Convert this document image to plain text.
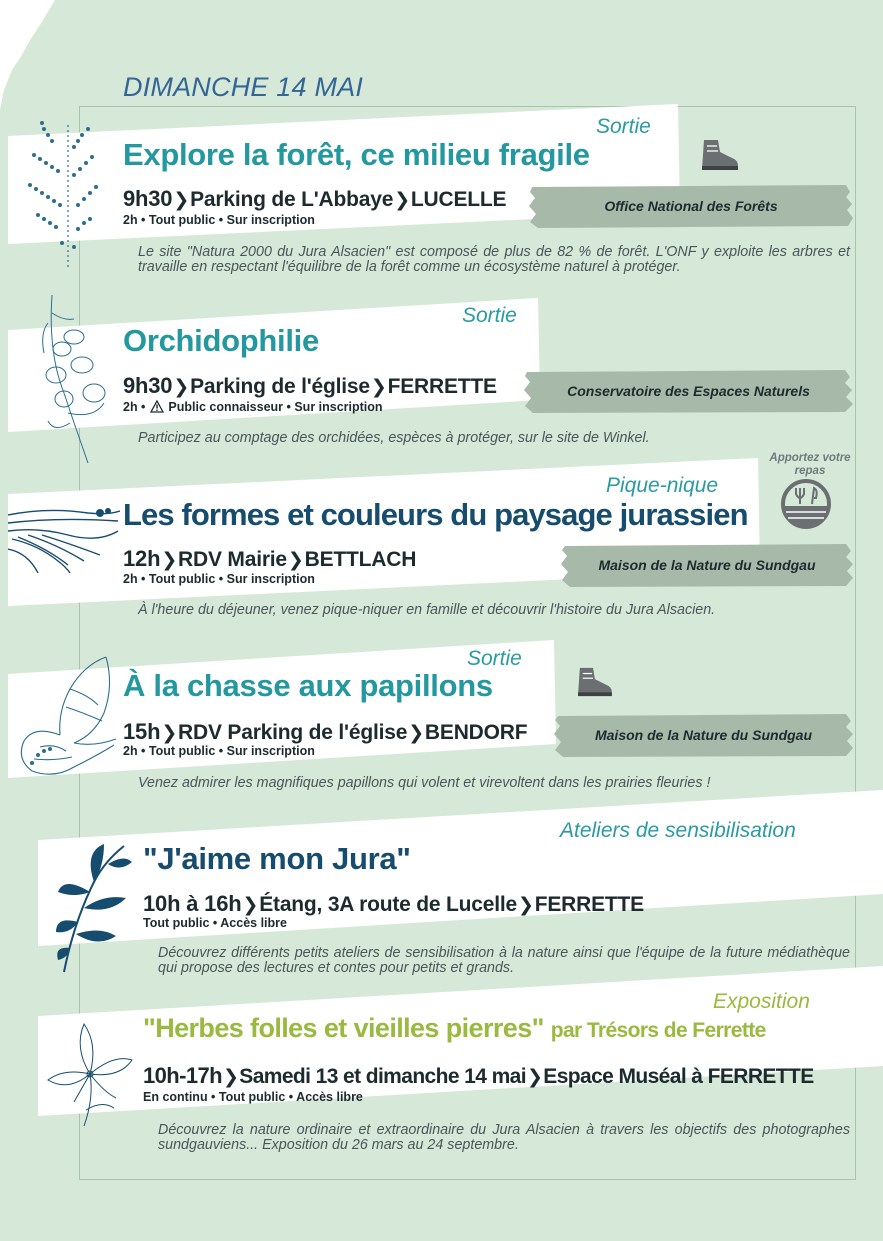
DIMANCHE 14 MAI

Sortie

Explore la forêt, ce milieu fragile

9h30❯Parking de L'Abbaye❯LUCELLE

2h • Tout public • Sur inscription

Office National des Forêts

Le site "Natura 2000 du Jura Alsacien" est composé de plus de 82 % de forêt. L'ONF y exploite les arbres et travaille en respectant l'équilibre de la forêt comme un écosystème naturel à protéger.

Sortie

Orchidophilie

9h30❯Parking de l'église❯FERRETTE

2h • Public connaisseur • Sur inscription

Conservatoire des Espaces Naturels

Participez au comptage des orchidées, espèces à protéger, sur le site de Winkel.

Pique-nique

Les formes et couleurs du paysage jurassien

Apportez votre repas

12h❯RDV Mairie❯BETTLACH

2h • Tout public • Sur inscription

Maison de la Nature du Sundgau

À l'heure du déjeuner, venez pique-niquer en famille et découvrir l'histoire du Jura Alsacien.

Sortie

À la chasse aux papillons

15h❯RDV Parking de l'église❯BENDORF

2h • Tout public • Sur inscription

Maison de la Nature du Sundgau

Venez admirer les magnifiques papillons qui volent et virevoltent dans les prairies fleuries !

Ateliers de sensibilisation

"J'aime mon Jura"

10h à 16h❯Étang, 3A route de Lucelle❯FERRETTE

Tout public • Accès libre

Découvrez différents petits ateliers de sensibilisation à la nature ainsi que l'équipe de la future médiathèque qui propose des lectures et contes pour petits et grands.

Exposition

"Herbes folles et vieilles pierres" par Trésors de Ferrette

10h-17h❯Samedi 13 et dimanche 14 mai❯Espace Muséal à FERRETTE

En continu • Tout public • Accès libre

Découvrez la nature ordinaire et extraordinaire du Jura Alsacien à travers les objectifs des photographes sundgauviens... Exposition du 26 mars au 24 septembre.
